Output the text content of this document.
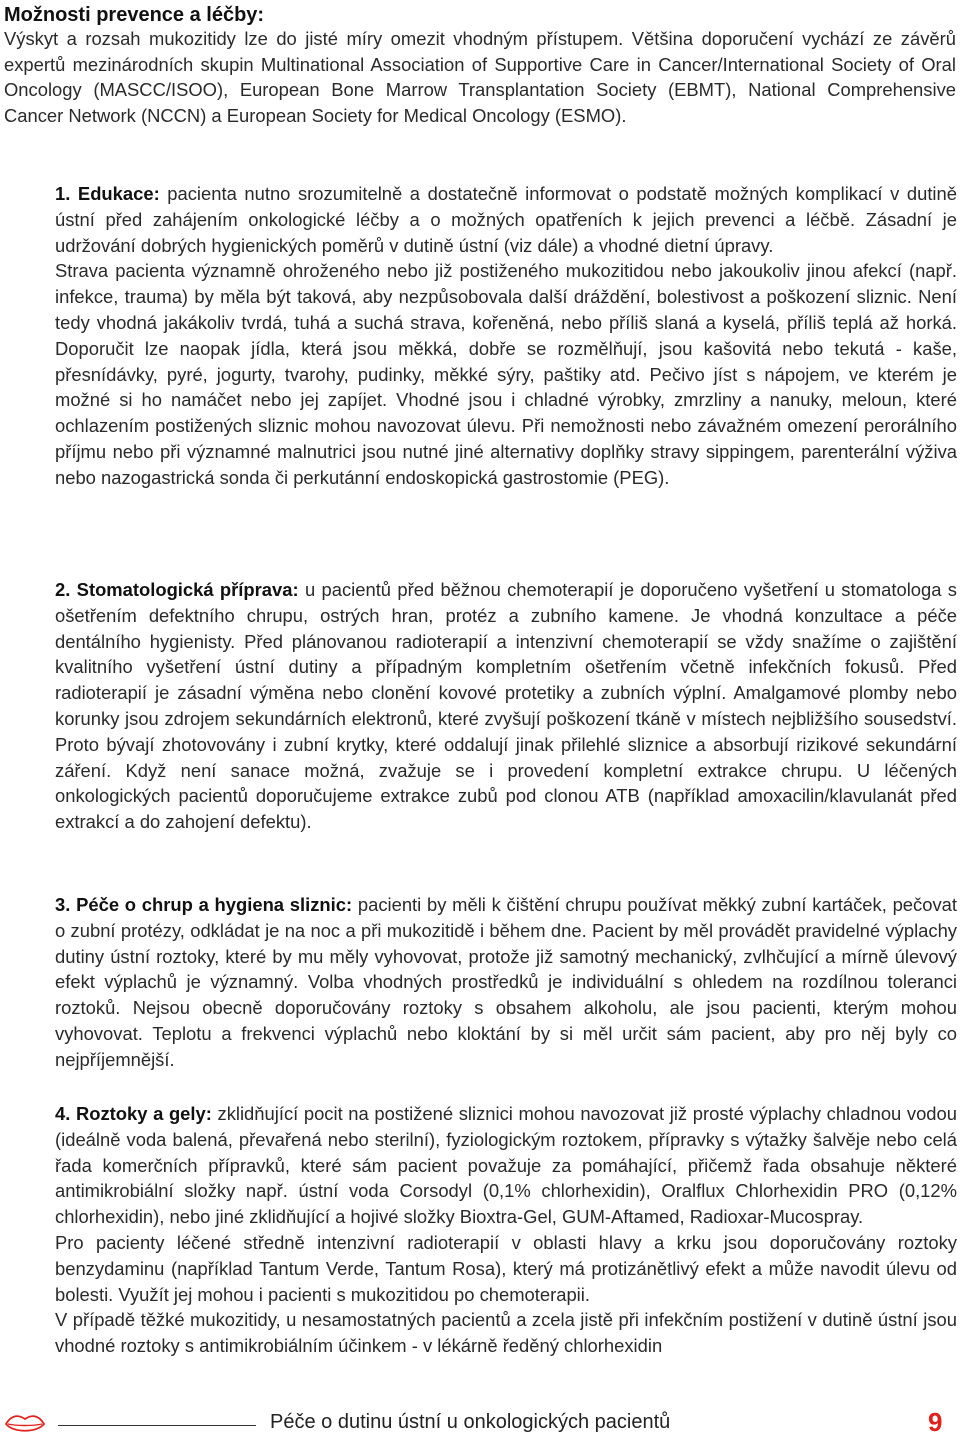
Možnosti prevence a léčby:
Výskyt a rozsah mukozitidy lze do jisté míry omezit vhodným přístupem. Většina doporučení vychází ze závěrů expertů mezinárodních skupin Multinational Association of Supportive Care in Cancer/International Society of Oral Oncology (MASCC/ISOO), European Bone Marrow Transplantation Society (EBMT), National Comprehensive Cancer Network (NCCN) a European Society for Medical Oncology (ESMO).

1. Edukace: pacienta nutno srozumitelně a dostatečně informovat o podstatě možných komplikací v dutině ústní před zahájením onkologické léčby a o možných opatřeních k jejich prevenci a léčbě. Zásadní je udržování dobrých hygienických poměrů v dutině ústní (viz dále) a vhodné dietní úpravy.

Strava pacienta významně ohroženého nebo již postiženého mukozitidou nebo jakoukoliv jinou afekcí (např. infekce, trauma) by měla být taková, aby nezpůsobovala další dráždění, bolestivost a poškození sliznic. Není tedy vhodná jakákoliv tvrdá, tuhá a suchá strava, kořeněná, nebo příliš slaná a kyselá, příliš teplá až horká. Doporučit lze naopak jídla, která jsou měkká, dobře se rozmělňují, jsou kašovitá nebo tekutá - kaše, přesnídávky, pyré, jogurty, tvarohy, pudinky, měkké sýry, paštiky atd. Pečivo jíst s nápojem, ve kterém je možné si ho namáčet nebo jej zapíjet. Vhodné jsou i chladné výrobky, zmrzliny a nanuky, meloun, které ochlazením postižených sliznic mohou navozovat úlevu. Při nemožnosti nebo závažném omezení perorálního příjmu nebo při významné malnutrici jsou nutné jiné alternativy doplňky stravy sippingem, parenterální výživa nebo nazogastrická sonda či perkutánní endoskopická gastrostomie (PEG).

2. Stomatologická příprava: u pacientů před běžnou chemoterapií je doporučeno vyšetření u stomatologa s ošetřením defektního chrupu, ostrých hran, protéz a zubního kamene. Je vhodná konzultace a péče dentálního hygienisty. Před plánovanou radioterapií a intenzivní chemoterapií se vždy snažíme o zajištění kvalitního vyšetření ústní dutiny a případným kompletním ošetřením včetně infekčních fokusů. Před radioterapií je zásadní výměna nebo clonění kovové protetiky a zubních výplní. Amalgamové plomby nebo korunky jsou zdrojem sekundárních elektronů, které zvyšují poškození tkáně v místech nejbližšího sousedství. Proto bývají zhotovovány i zubní krytky, které oddalují jinak přilehlé sliznice a absorbují rizikové sekundární záření. Když není sanace možná, zvažuje se i provedení kompletní extrakce chrupu. U léčených onkologických pacientů doporučujeme extrakce zubů pod clonou ATB (například amoxacilin/klavulanát před extrakcí a do zahojení defektu).

3. Péče o chrup a hygiena sliznic: pacienti by měli k čištění chrupu používat měkký zubní kartáček, pečovat o zubní protézy, odkládat je na noc a při mukozitidě i během dne. Pacient by měl provádět pravidelné výplachy dutiny ústní roztoky, které by mu měly vyhovovat, protože již samotný mechanický, zvlhčující a mírně úlevový efekt výplachů je významný. Volba vhodných prostředků je individuální s ohledem na rozdílnou toleranci roztoků. Nejsou obecně doporučovány roztoky s obsahem alkoholu, ale jsou pacienti, kterým mohou vyhovovat. Teplotu a frekvenci výplachů nebo kloktání by si měl určit sám pacient, aby pro něj byly co nejpříjemnější.

4. Roztoky a gely: zklidňující pocit na postižené sliznici mohou navozovat již prosté výplachy chladnou vodou (ideálně voda balená, převařená nebo sterilní), fyziologickým roztokem, přípravky s výtažky šalvěje nebo celá řada komerčních přípravků, které sám pacient považuje za pomáhající, přičemž řada obsahuje některé antimikrobiální složky např. ústní voda Corsodyl (0,1% chlorhexidin), Oralflux Chlorhexidin PRO (0,12% chlorhexidin), nebo jiné zklidňující a hojivé složky Bioxtra-Gel, GUM-Aftamed, Radioxar-Mucospray.

Pro pacienty léčené středně intenzivní radioterapií v oblasti hlavy a krku jsou doporučovány roztoky benzydaminu (například Tantum Verde, Tantum Rosa), který má protizánětlivý efekt a může navodit úlevu od bolesti. Využít jej mohou i pacienti s mukozitidou po chemoterapii.

V případě těžké mukozitidy, u nesamostatných pacientů a zcela jistě při infekčním postižení v dutině ústní jsou vhodné roztoky s antimikrobiálním účinkem - v lékárně ředěný chlorhexidin

Péče o dutinu ústní u onkologických pacientů	9
